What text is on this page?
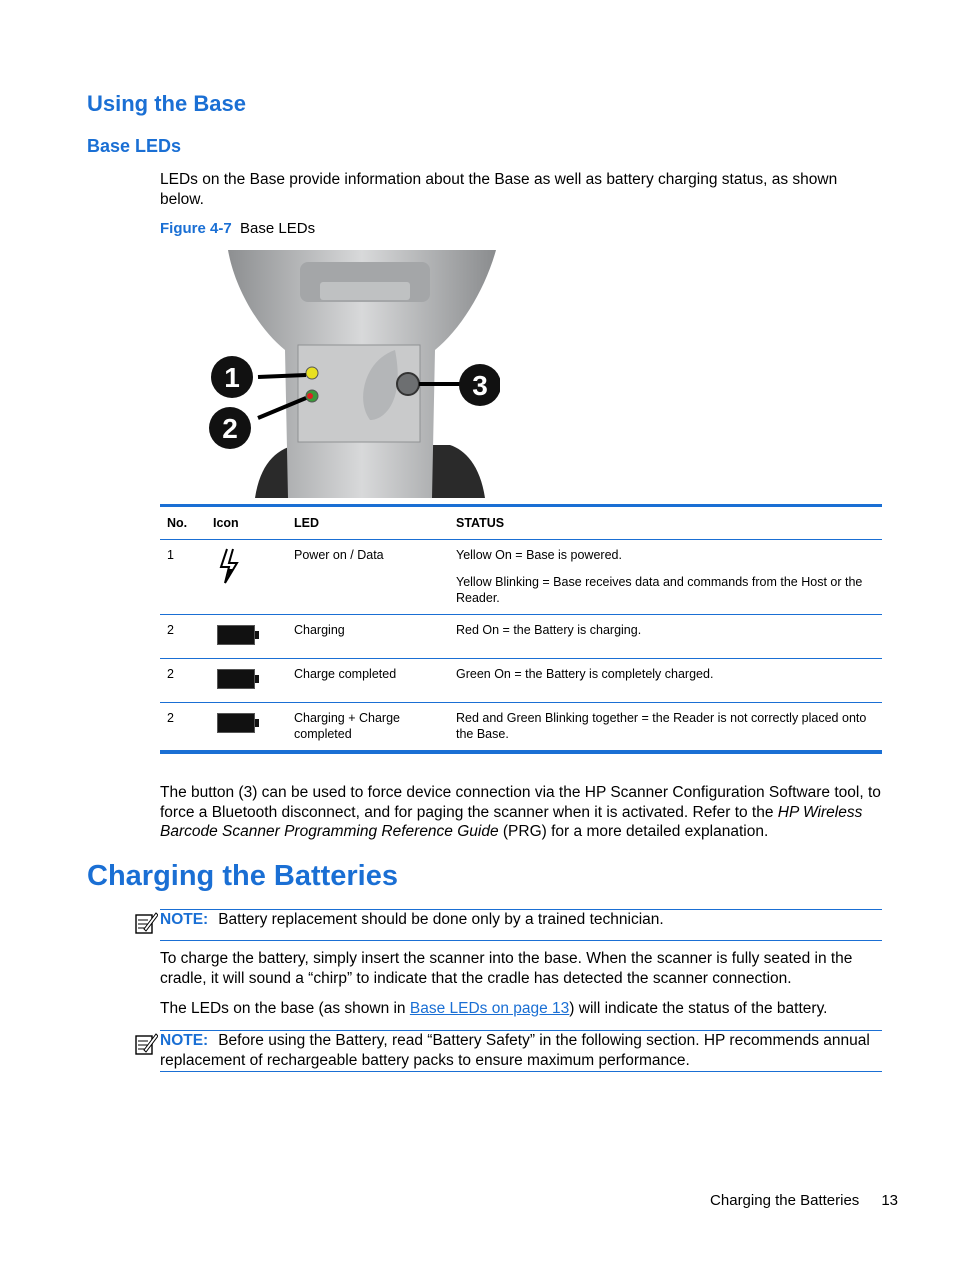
Using the Base
Base LEDs
LEDs on the Base provide information about the Base as well as battery charging status, as shown below.
Figure 4-7 Base LEDs
1
2
3
No.	Icon	LED	STATUS
1		Power on / Data	Yellow On = Base is powered.

Yellow Blinking = Base receives data and commands from the Host or the Reader.

2		Charging	Red On = the Battery is charging.

2		Charge completed	Green On = the Battery is completely charged.

2		Charging + Charge completed	Red and Green Blinking together = the Reader is not correctly placed onto the Base.

The button (3) can be used to force device connection via the HP Scanner Configuration Software tool, to force a Bluetooth disconnect, and for paging the scanner when it is activated. Refer to the HP Wireless Barcode Scanner Programming Reference Guide (PRG) for a more detailed explanation.
Charging the Batteries
NOTE: Battery replacement should be done only by a trained technician.
To charge the battery, simply insert the scanner into the base. When the scanner is fully seated in the cradle, it will sound a “chirp” to indicate that the cradle has detected the scanner connection.
The LEDs on the base (as shown in Base LEDs on page 13) will indicate the status of the battery.
NOTE: Before using the Battery, read “Battery Safety” in the following section. HP recommends annual replacement of rechargeable battery packs to ensure maximum performance.
Charging the Batteries 13
